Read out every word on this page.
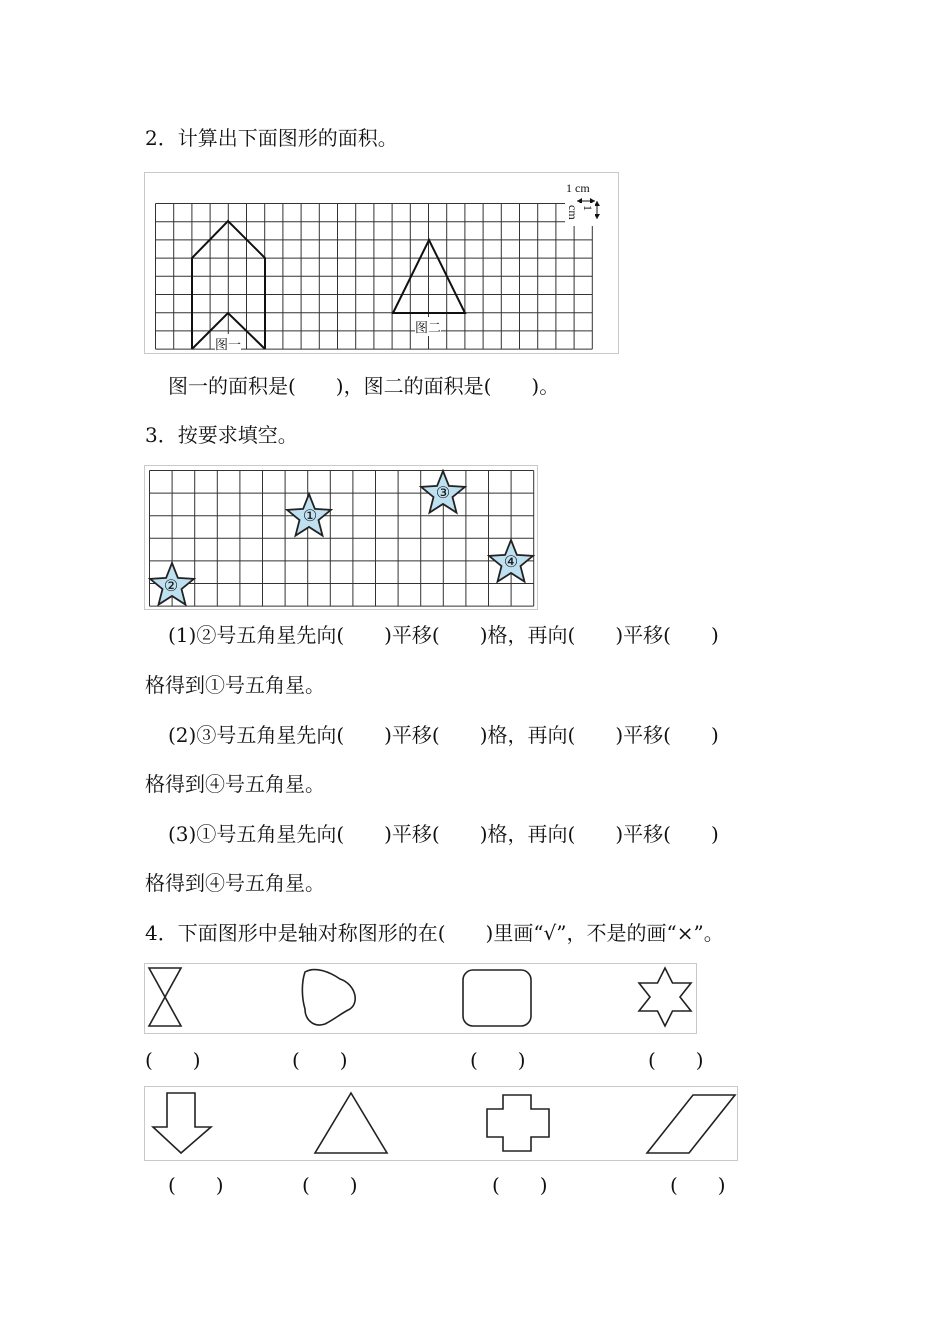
2．计算出下面图形的面积。
1 cm
1 cm
图一
图二
图一的面积是(　　)，图二的面积是(　　)。
3．按要求填空。
①
②
③
④
(1)②号五角星先向(　　)平移(　　)格，再向(　　)平移(　　)
格得到①号五角星。
(2)③号五角星先向(　　)平移(　　)格，再向(　　)平移(　　)
格得到④号五角星。
(3)①号五角星先向(　　)平移(　　)格，再向(　　)平移(　　)
格得到④号五角星。
4．下面图形中是轴对称图形的在(　　)里画“√”，不是的画“×”。
(　　)	(　　)	(　　)	(　　)
(　　)	(　　)	(　　)	(　　)
